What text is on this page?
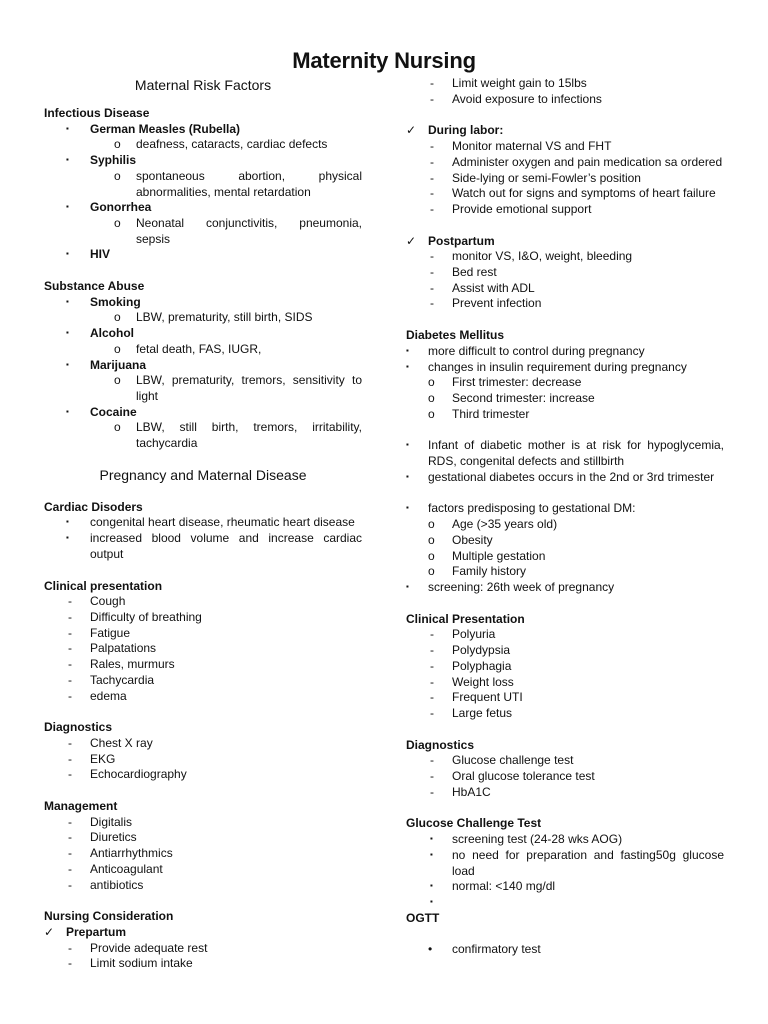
Maternity Nursing
Maternal Risk Factors
Infectious Disease
▪ German Measles (Rubella)
o deafness, cataracts, cardiac defects
▪ Syphilis
o spontaneous abortion, physical abnormalities, mental retardation
▪ Gonorrhea
o Neonatal conjunctivitis, pneumonia, sepsis
▪ HIV
Substance Abuse
▪ Smoking
o LBW, prematurity, still birth, SIDS
▪ Alcohol
o fetal death, FAS, IUGR,
▪ Marijuana
o LBW, prematurity, tremors, sensitivity to light
▪ Cocaine
o LBW, still birth, tremors, irritability, tachycardia
Pregnancy and Maternal Disease
Cardiac Disoders
▪ congenital heart disease, rheumatic heart disease
▪ increased blood volume and increase cardiac output
Clinical presentation
- Cough
- Difficulty of breathing
- Fatigue
- Palpatations
- Rales, murmurs
- Tachycardia
- edema
Diagnostics
- Chest X ray
- EKG
- Echocardiography
Management
- Digitalis
- Diuretics
- Antiarrhythmics
- Anticoagulant
- antibiotics
Nursing Consideration
✓ Prepartum
- Provide adequate rest
- Limit sodium intake
- Limit weight gain to 15lbs
- Avoid exposure to infections
✓ During labor:
- Monitor maternal VS and FHT
- Administer oxygen and pain medication sa ordered
- Side-lying or semi-Fowler’s position
- Watch out for signs and symptoms of heart failure
- Provide emotional support
✓ Postpartum
- monitor VS, I&O, weight, bleeding
- Bed rest
- Assist with ADL
- Prevent infection
Diabetes Mellitus
▪ more difficult to control during pregnancy
▪ changes in insulin requirement during pregnancy
o First trimester: decrease
o Second trimester: increase
o Third trimester
▪ Infant of diabetic mother is at risk for hypoglycemia, RDS, congenital defects and stillbirth
▪ gestational diabetes occurs in the 2nd or 3rd trimester
▪ factors predisposing to gestational DM:
o Age (>35 years old)
o Obesity
o Multiple gestation
o Family history
▪ screening: 26th week of pregnancy
Clinical Presentation
- Polyuria
- Polydypsia
- Polyphagia
- Weight loss
- Frequent UTI
- Large fetus
Diagnostics
- Glucose challenge test
- Oral glucose tolerance test
- HbA1C
Glucose Challenge Test
▪ screening test (24-28 wks AOG)
▪ no need for preparation and fasting50g glucose load
▪ normal: <140 mg/dl
▪
OGTT
• confirmatory test
